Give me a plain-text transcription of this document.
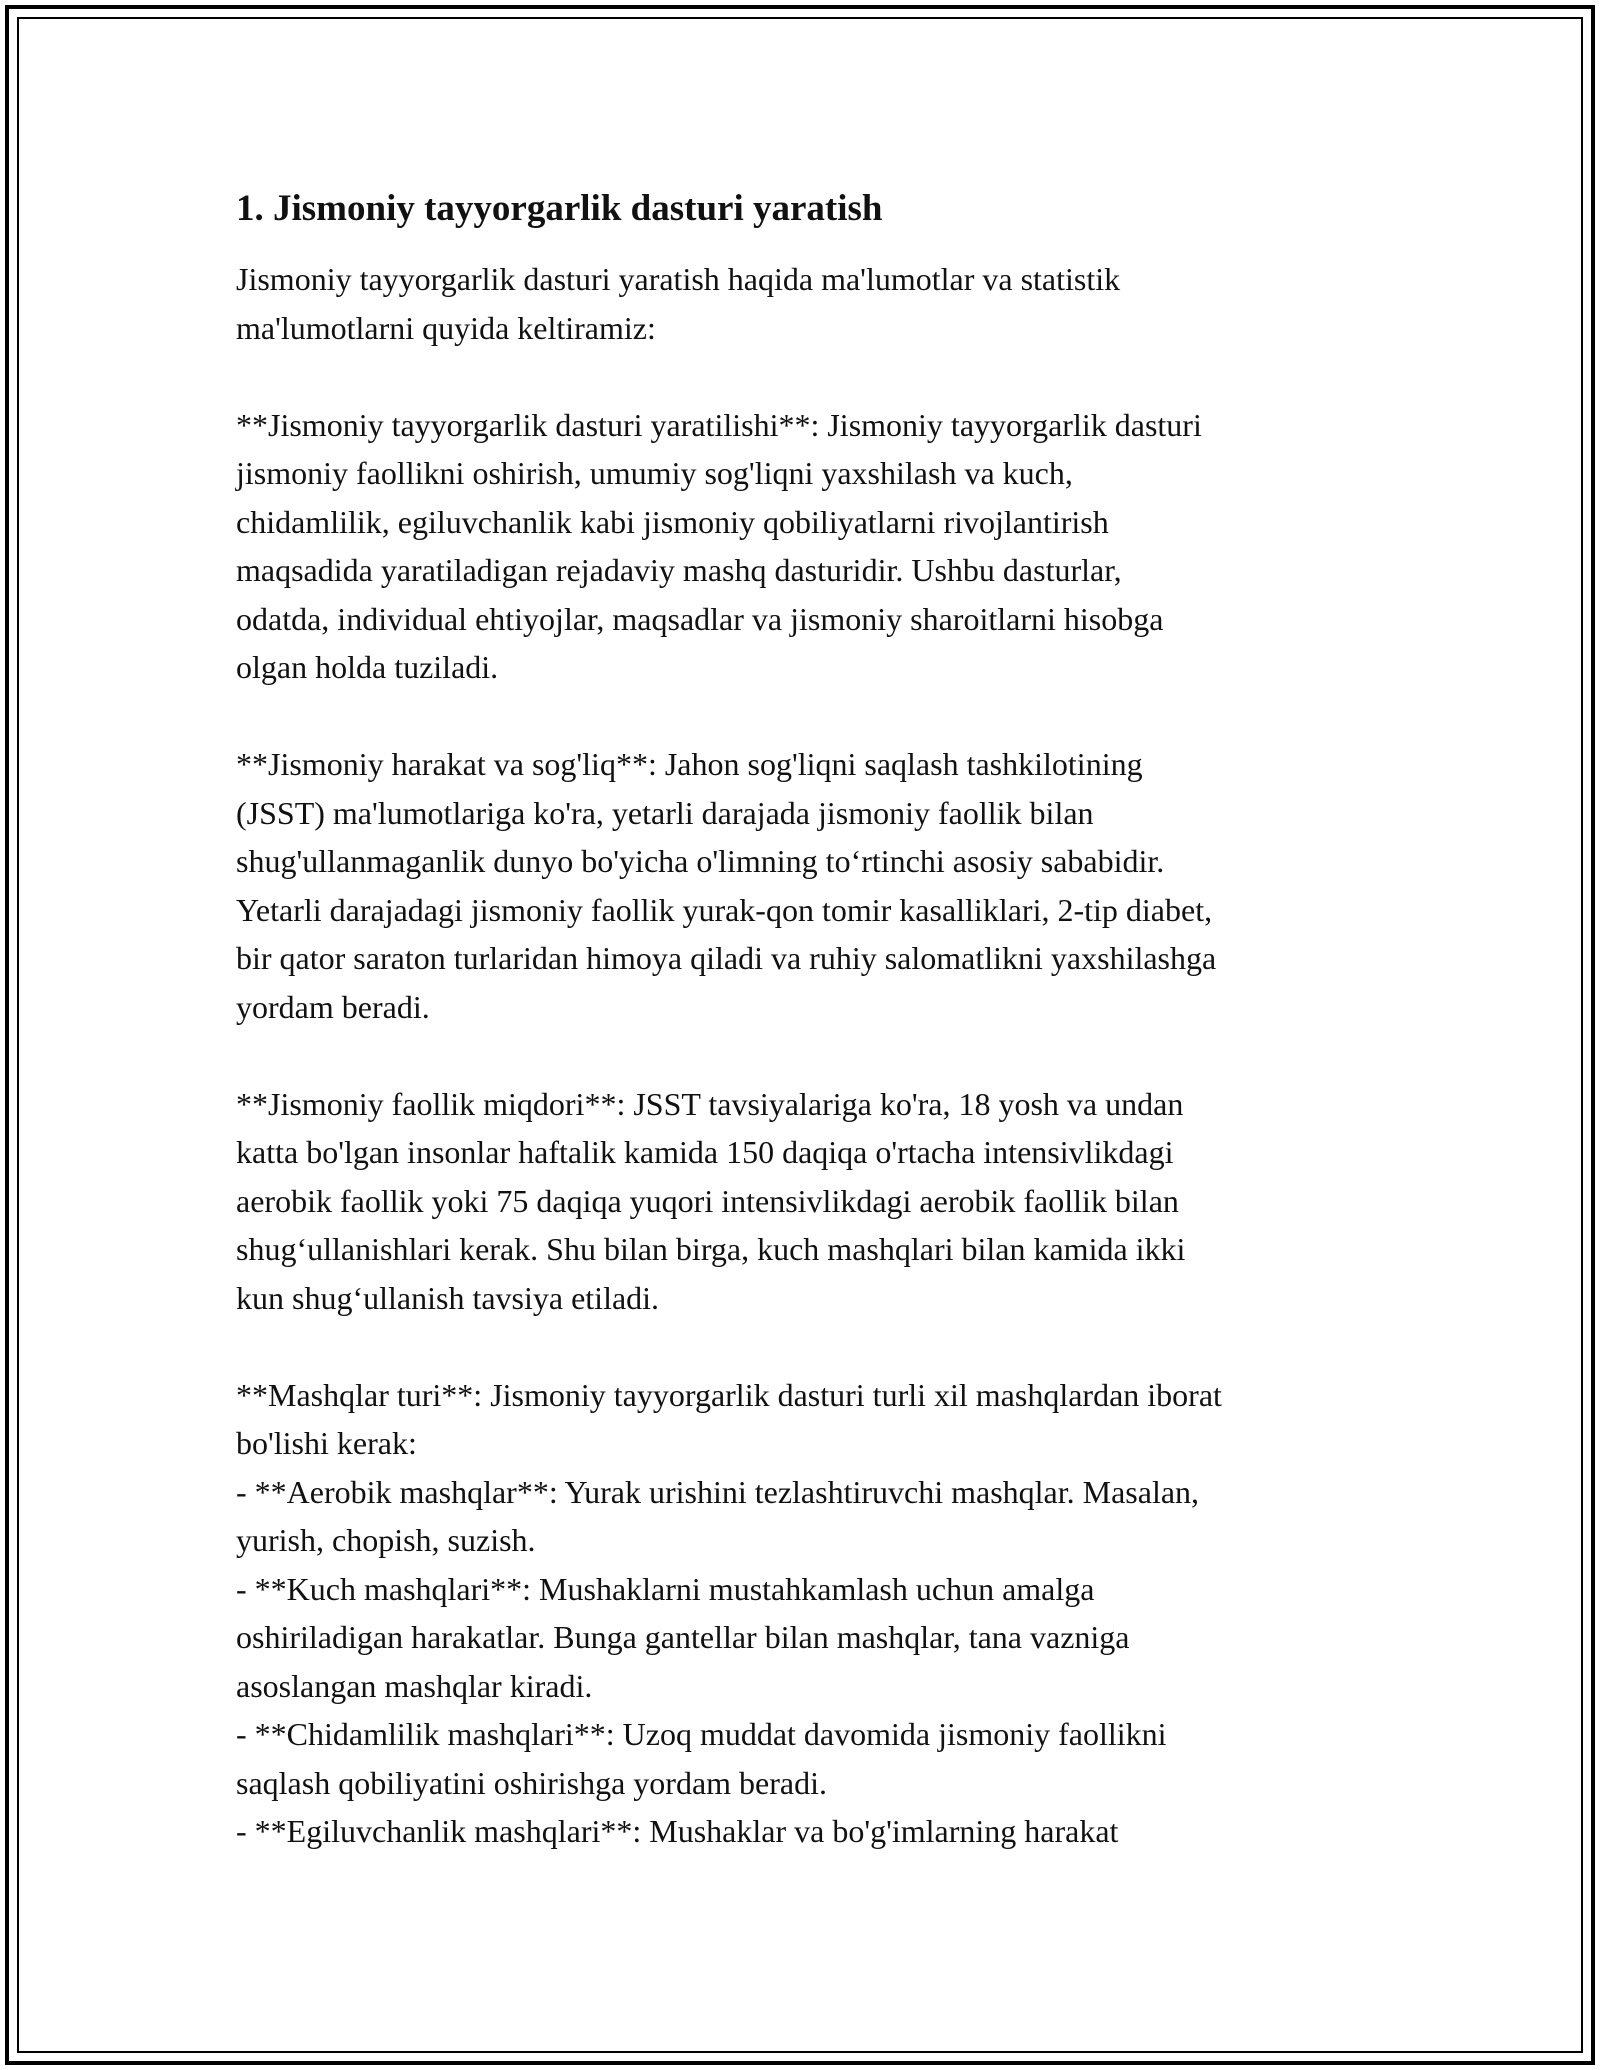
1. Jismoniy tayyorgarlik dasturi yaratish

Jismoniy tayyorgarlik dasturi yaratish haqida ma'lumotlar va statistik
ma'lumotlarni quyida keltiramiz:

**Jismoniy tayyorgarlik dasturi yaratilishi**: Jismoniy tayyorgarlik dasturi
jismoniy faollikni oshirish, umumiy sog'liqni yaxshilash va kuch,
chidamlilik, egiluvchanlik kabi jismoniy qobiliyatlarni rivojlantirish
maqsadida yaratiladigan rejadaviy mashq dasturidir. Ushbu dasturlar,
odatda, individual ehtiyojlar, maqsadlar va jismoniy sharoitlarni hisobga
olgan holda tuziladi.

**Jismoniy harakat va sog'liq**: Jahon sog'liqni saqlash tashkilotining
(JSST) ma'lumotlariga ko'ra, yetarli darajada jismoniy faollik bilan
shug'ullanmaganlik dunyo bo'yicha o'limning to‘rtinchi asosiy sababidir.
Yetarli darajadagi jismoniy faollik yurak-qon tomir kasalliklari, 2-tip diabet,
bir qator saraton turlaridan himoya qiladi va ruhiy salomatlikni yaxshilashga
yordam beradi.

**Jismoniy faollik miqdori**: JSST tavsiyalariga ko'ra, 18 yosh va undan
katta bo'lgan insonlar haftalik kamida 150 daqiqa o'rtacha intensivlikdagi
aerobik faollik yoki 75 daqiqa yuqori intensivlikdagi aerobik faollik bilan
shug‘ullanishlari kerak. Shu bilan birga, kuch mashqlari bilan kamida ikki
kun shug‘ullanish tavsiya etiladi.

**Mashqlar turi**: Jismoniy tayyorgarlik dasturi turli xil mashqlardan iborat
bo'lishi kerak:
- **Aerobik mashqlar**: Yurak urishini tezlashtiruvchi mashqlar. Masalan,
yurish, chopish, suzish.
- **Kuch mashqlari**: Mushaklarni mustahkamlash uchun amalga
oshiriladigan harakatlar. Bunga gantellar bilan mashqlar, tana vazniga
asoslangan mashqlar kiradi.
- **Chidamlilik mashqlari**: Uzoq muddat davomida jismoniy faollikni
saqlash qobiliyatini oshirishga yordam beradi.
- **Egiluvchanlik mashqlari**: Mushaklar va bo'g'imlarning harakat
